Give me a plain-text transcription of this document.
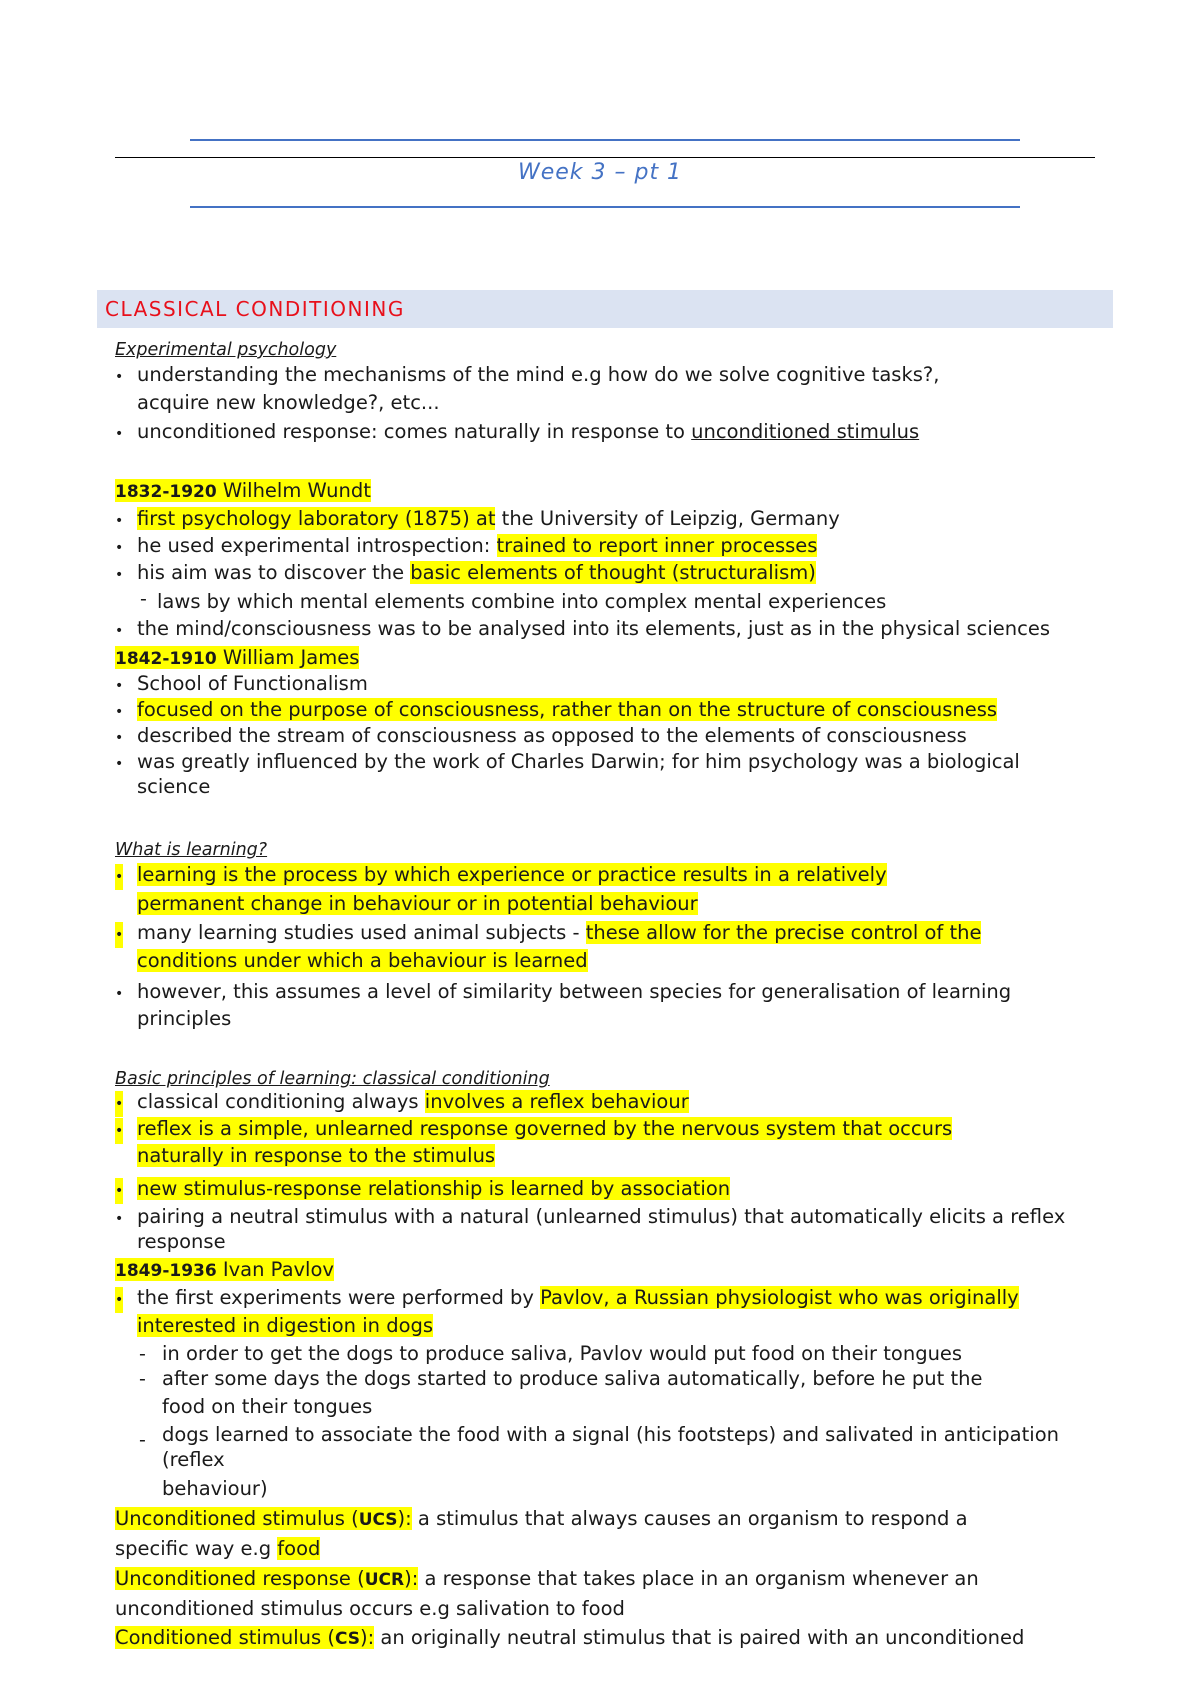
Week 3 – pt 1
CLASSICAL CONDITIONING
Experimental psychology
• understanding the mechanisms of the mind e.g how do we solve cognitive tasks?,
acquire new knowledge?, etc...
• unconditioned response: comes naturally in response to unconditioned stimulus
1832-1920 Wilhelm Wundt
• first psychology laboratory (1875) at the University of Leipzig, Germany
• he used experimental introspection: trained to report inner processes
• his aim was to discover the basic elements of thought (structuralism)
- laws by which mental elements combine into complex mental experiences
• the mind/consciousness was to be analysed into its elements, just as in the physical sciences
1842-1910 William James
• School of Functionalism
• focused on the purpose of consciousness, rather than on the structure of consciousness
• described the stream of consciousness as opposed to the elements of consciousness
• was greatly influenced by the work of Charles Darwin; for him psychology was a biological
science
What is learning?
• learning is the process by which experience or practice results in a relatively
permanent change in behaviour or in potential behaviour
• many learning studies used animal subjects - these allow for the precise control of the
conditions under which a behaviour is learned
• however, this assumes a level of similarity between species for generalisation of learning
principles
Basic principles of learning: classical conditioning
• classical conditioning always involves a reflex behaviour
• reflex is a simple, unlearned response governed by the nervous system that occurs
naturally in response to the stimulus
• new stimulus-response relationship is learned by association
• pairing a neutral stimulus with a natural (unlearned stimulus) that automatically elicits a reflex
response
1849-1936 Ivan Pavlov
• the first experiments were performed by Pavlov, a Russian physiologist who was originally
interested in digestion in dogs
- in order to get the dogs to produce saliva, Pavlov would put food on their tongues
- after some days the dogs started to produce saliva automatically, before he put the
food on their tongues
- dogs learned to associate the food with a signal (his footsteps) and salivated in anticipation
(reflex
behaviour)
Unconditioned stimulus (UCS): a stimulus that always causes an organism to respond a
specific way e.g food
Unconditioned response (UCR): a response that takes place in an organism whenever an
unconditioned stimulus occurs e.g salivation to food
Conditioned stimulus (CS): an originally neutral stimulus that is paired with an unconditioned
